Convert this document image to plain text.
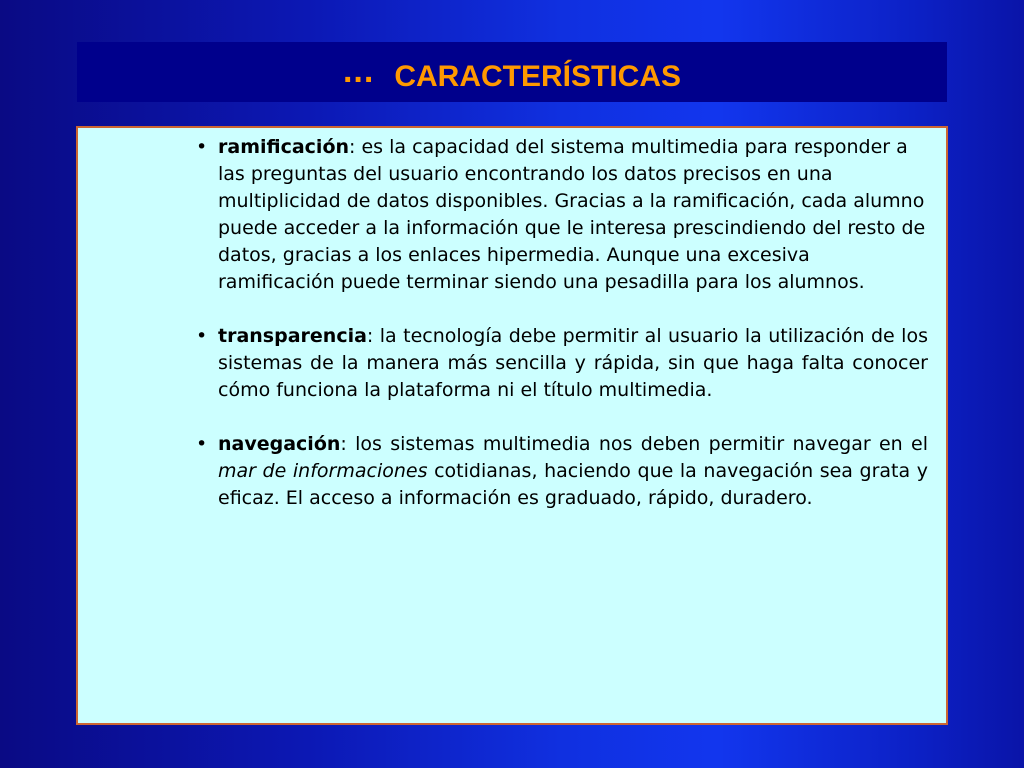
... CARACTERÍSTICAS
• ramificación: es la capacidad del sistema multimedia para responder a las preguntas del usuario encontrando los datos precisos en una multiplicidad de datos disponibles. Gracias a la ramificación, cada alumno puede acceder a la información que le interesa prescindiendo del resto de datos, gracias a los enlaces hipermedia. Aunque una excesiva ramificación puede terminar siendo una pesadilla para los alumnos.
• transparencia: la tecnología debe permitir al usuario la utilización de los sistemas de la manera más sencilla y rápida, sin que haga falta conocer cómo funciona la plataforma ni el título multimedia.
• navegación: los sistemas multimedia nos deben permitir navegar en el mar de informaciones cotidianas, haciendo que la navegación sea grata y eficaz. El acceso a información es graduado, rápido, duradero.
